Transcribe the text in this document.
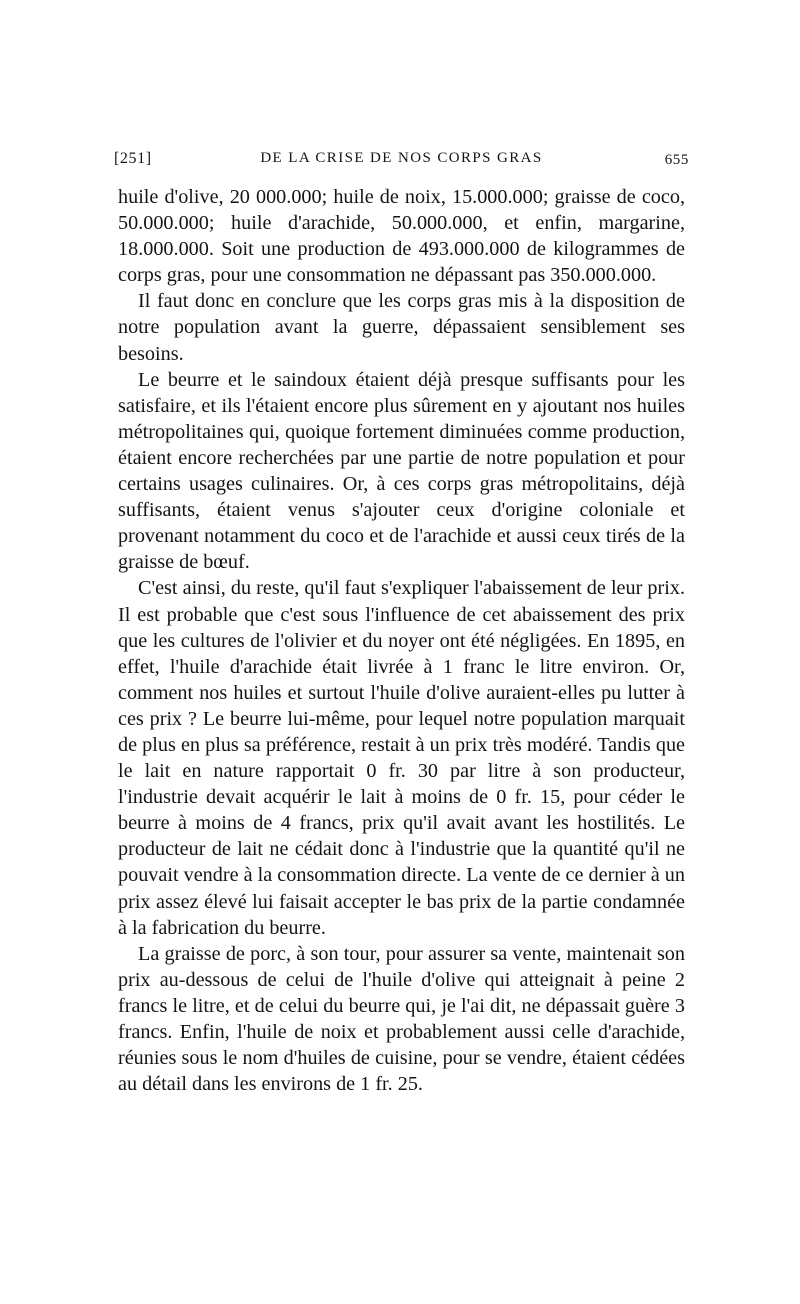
[251]	DE LA CRISE DE NOS CORPS GRAS	655

huile d'olive, 20 000.000; huile de noix, 15.000.000; graisse de coco, 50.000.000; huile d'arachide, 50.000.000, et enfin, margarine, 18.000.000. Soit une production de 493.000.000 de kilogrammes de corps gras, pour une consommation ne dépassant pas 350.000.000.

Il faut donc en conclure que les corps gras mis à la disposition de notre population avant la guerre, dépassaient sensiblement ses besoins.

Le beurre et le saindoux étaient déjà presque suffisants pour les satisfaire, et ils l'étaient encore plus sûrement en y ajoutant nos huiles métropolitaines qui, quoique fortement diminuées comme production, étaient encore recherchées par une partie de notre population et pour certains usages culinaires. Or, à ces corps gras métropolitains, déjà suffisants, étaient venus s'ajouter ceux d'origine coloniale et provenant notamment du coco et de l'arachide et aussi ceux tirés de la graisse de bœuf.

C'est ainsi, du reste, qu'il faut s'expliquer l'abaissement de leur prix. Il est probable que c'est sous l'influence de cet abaissement des prix que les cultures de l'olivier et du noyer ont été négligées. En 1895, en effet, l'huile d'arachide était livrée à 1 franc le litre environ. Or, comment nos huiles et surtout l'huile d'olive auraient-elles pu lutter à ces prix ? Le beurre lui-même, pour lequel notre population marquait de plus en plus sa préférence, restait à un prix très modéré. Tandis que le lait en nature rapportait 0 fr. 30 par litre à son producteur, l'industrie devait acquérir le lait à moins de 0 fr. 15, pour céder le beurre à moins de 4 francs, prix qu'il avait avant les hostilités. Le producteur de lait ne cédait donc à l'industrie que la quantité qu'il ne pouvait vendre à la consommation directe. La vente de ce dernier à un prix assez élevé lui faisait accepter le bas prix de la partie condamnée à la fabrication du beurre.

La graisse de porc, à son tour, pour assurer sa vente, maintenait son prix au-dessous de celui de l'huile d'olive qui atteignait à peine 2 francs le litre, et de celui du beurre qui, je l'ai dit, ne dépassait guère 3 francs. Enfin, l'huile de noix et probablement aussi celle d'arachide, réunies sous le nom d'huiles de cuisine, pour se vendre, étaient cédées au détail dans les environs de 1 fr. 25.
